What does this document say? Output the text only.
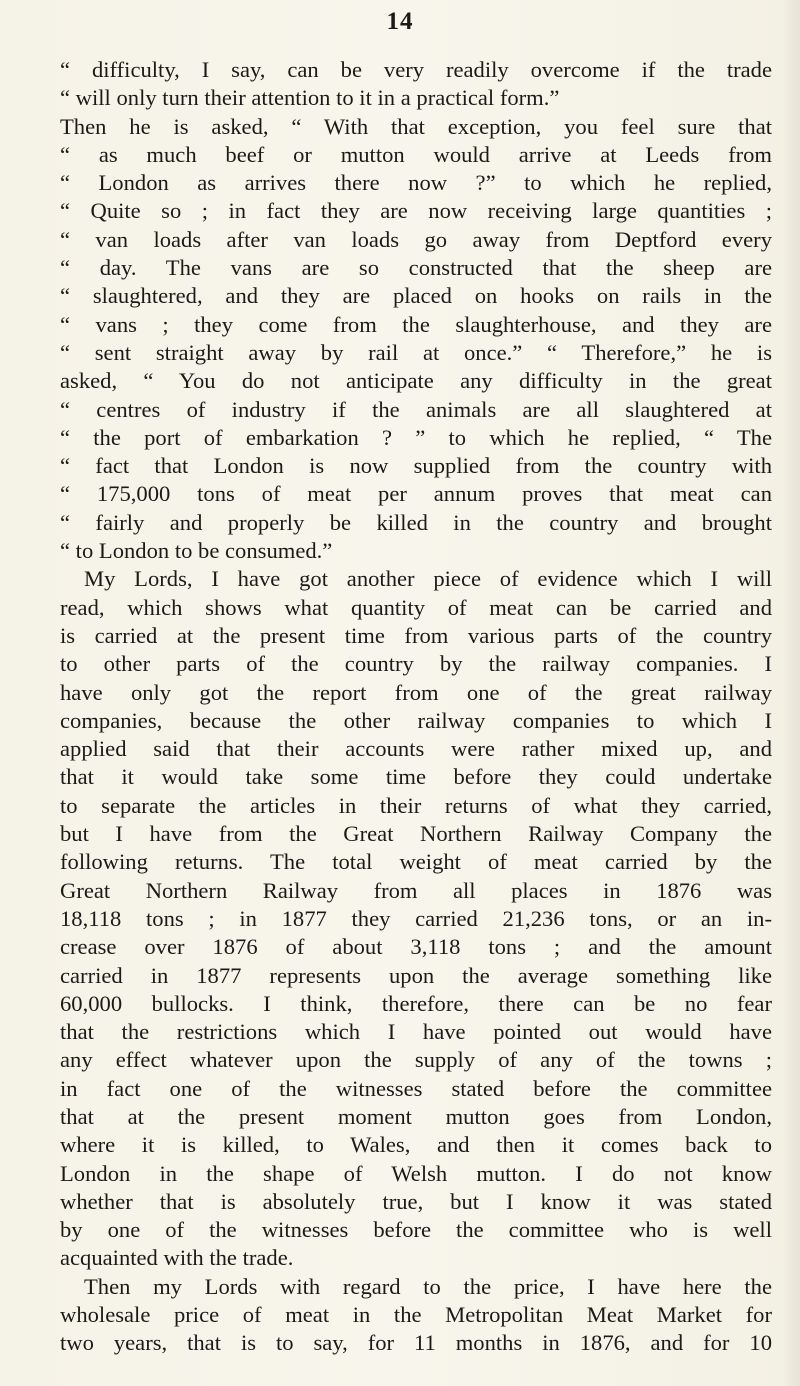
14
“ difficulty, I say, can be very readily overcome if the trade
“ will only turn their attention to it in a practical form.”
Then he is asked, “ With that exception, you feel sure that
“ as much beef or mutton would arrive at Leeds from
“ London as arrives there now ?” to which he replied,
“ Quite so ; in fact they are now receiving large quantities ;
“ van loads after van loads go away from Deptford every
“ day. The vans are so constructed that the sheep are
“ slaughtered, and they are placed on hooks on rails in the
“ vans ; they come from the slaughterhouse, and they are
“ sent straight away by rail at once.” “ Therefore,” he is
asked, “ You do not anticipate any difficulty in the great
“ centres of industry if the animals are all slaughtered at
“ the port of embarkation ? ” to which he replied, “ The
“ fact that London is now supplied from the country with
“ 175,000 tons of meat per annum proves that meat can
“ fairly and properly be killed in the country and brought
“ to London to be consumed.”
My Lords, I have got another piece of evidence which I will
read, which shows what quantity of meat can be carried and
is carried at the present time from various parts of the country
to other parts of the country by the railway companies. I
have only got the report from one of the great railway
companies, because the other railway companies to which I
applied said that their accounts were rather mixed up, and
that it would take some time before they could undertake
to separate the articles in their returns of what they carried,
but I have from the Great Northern Railway Company the
following returns. The total weight of meat carried by the
Great Northern Railway from all places in 1876 was
18,118 tons ; in 1877 they carried 21,236 tons, or an in-
crease over 1876 of about 3,118 tons ; and the amount
carried in 1877 represents upon the average something like
60,000 bullocks. I think, therefore, there can be no fear
that the restrictions which I have pointed out would have
any effect whatever upon the supply of any of the towns ;
in fact one of the witnesses stated before the committee
that at the present moment mutton goes from London,
where it is killed, to Wales, and then it comes back to
London in the shape of Welsh mutton. I do not know
whether that is absolutely true, but I know it was stated
by one of the witnesses before the committee who is well
acquainted with the trade.
Then my Lords with regard to the price, I have here the
wholesale price of meat in the Metropolitan Meat Market for
two years, that is to say, for 11 months in 1876, and for 10
